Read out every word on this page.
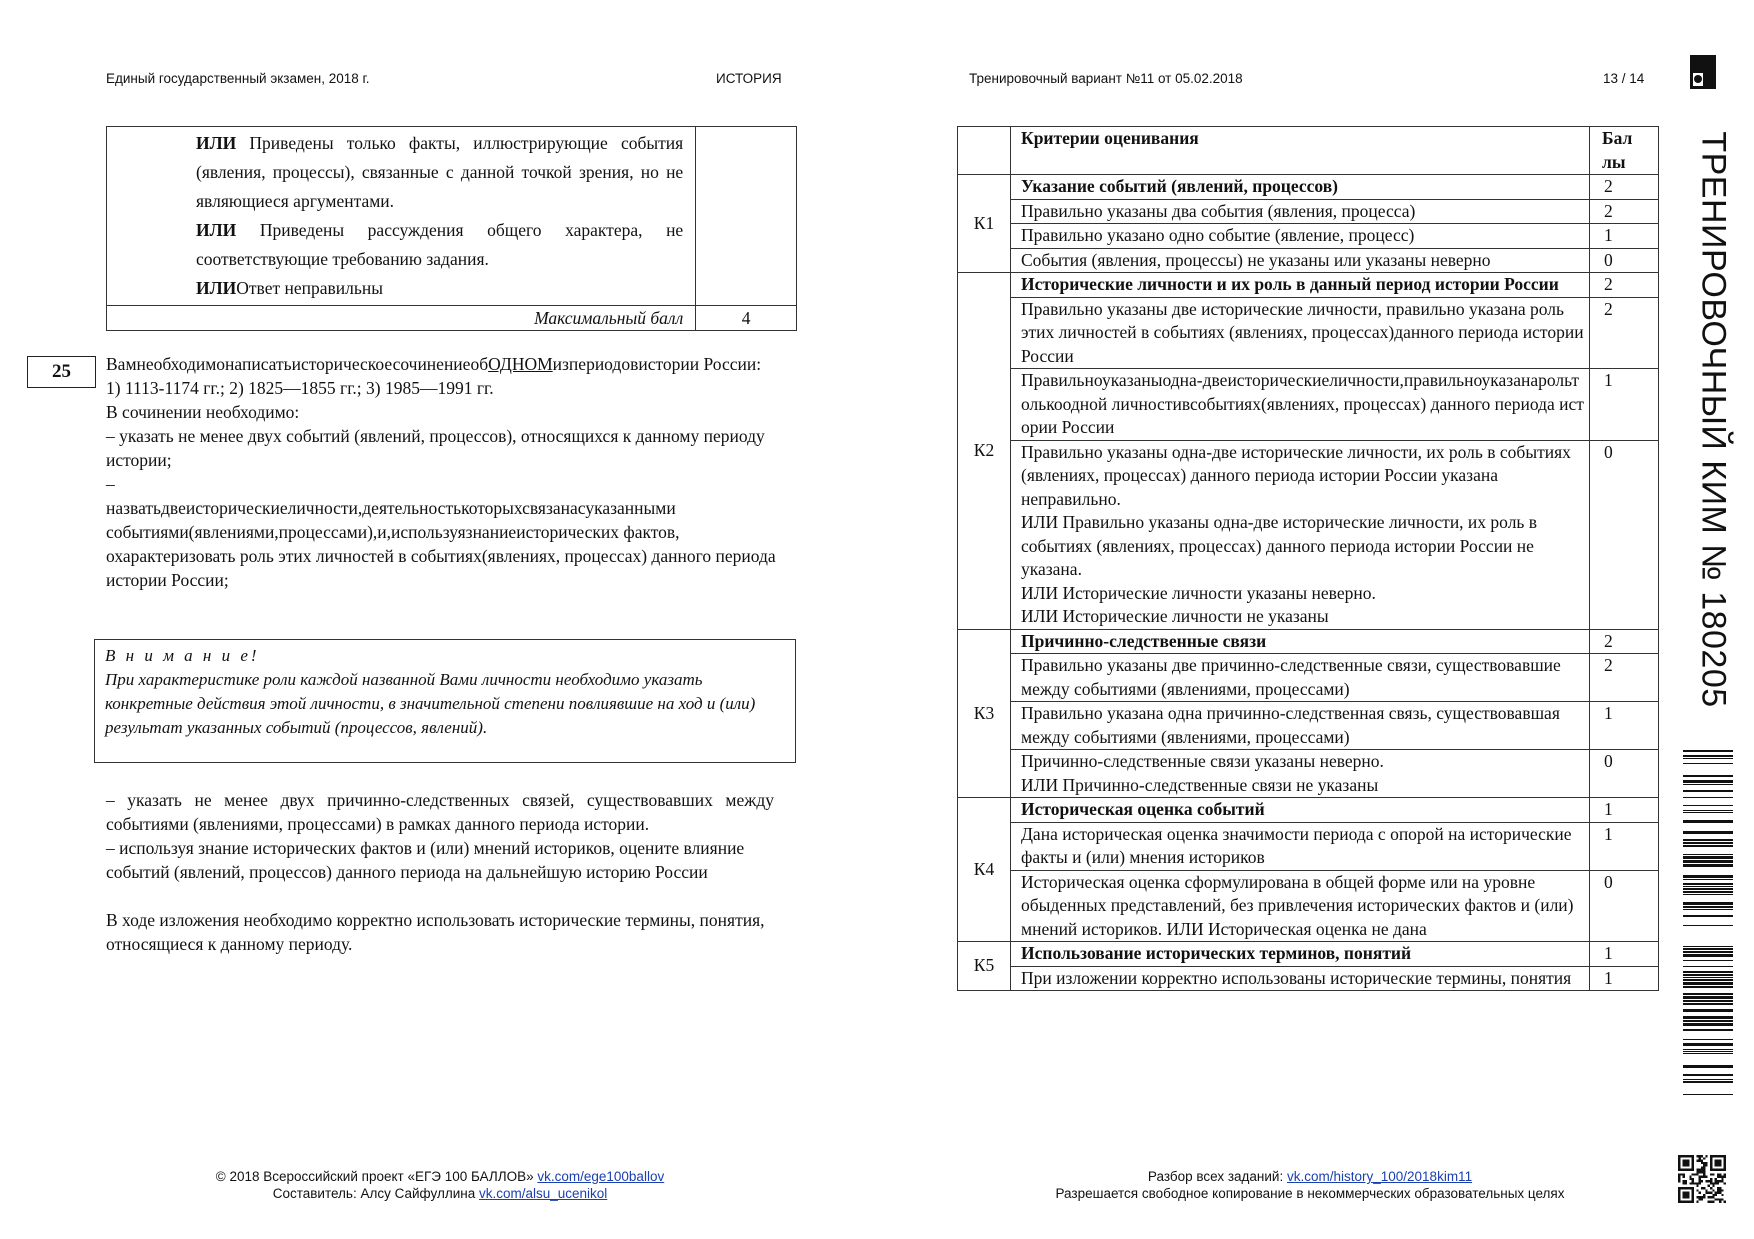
Единый государственный экзамен, 2018 г.	ИСТОРИЯ	Тренировочный вариант №11 от 05.02.2018	13 / 14
ИЛИ Приведены только факты, иллюстрирующие события (явления, процессы), связанные с данной точкой зрения, но не являющиеся аргументами.
ИЛИ Приведены рассуждения общего характера, не соответствующие требованию задания.
ИЛИОтвет неправильны	

Максимальный балл	4
25	ВамнеобходимонаписатьисторическоесочинениеобОДНОМизпериодовистории России:

1) 1113-1174 гг.; 2) 1825—1855 гг.; 3) 1985—1991 гг.

В сочинении необходимо:

– указать не менее двух событий (явлений, процессов), относящихся к данному периоду истории;

–

назватьдвеисторическиеличности,деятельностькоторыхсвязанасуказанными событиями(явлениями,процессами),и,используязнаниеисторических фактов, охарактеризовать роль этих личностей в событиях(явлениях, процессах) данного периода истории России;

В н и м а н и е!
При характеристике роли каждой названной Вами личности необходимо указать конкретные действия этой личности, в значительной степени повлиявшие на ход и (или) результат указанных событий (процессов, явлений).

– указать не менее двух причинно-следственных связей, существовавших между событиями (явлениями, процессами) в рамках данного периода истории.

– используя знание исторических фактов и (или) мнений историков, оцените влияние событий (явлений, процессов) данного периода на дальнейшую историю России

В ходе изложения необходимо корректно использовать исторические термины, понятия, относящиеся к данному периоду.

	Критерии оценивания	Бал лы
К1	Указание событий (явлений, процессов)	2
	Правильно указаны два события (явления, процесса)	2
	Правильно указано одно событие (явление, процесс)	1
	События (явления, процессы) не указаны или указаны неверно	0
К2	Исторические личности и их роль в данный период истории России	2
	Правильно указаны две исторические личности, правильно указана роль этих личностей в событиях (явлениях, процессах)данного периода истории России	2
	Правильноуказаныодна-двеисторическиеличности,правильноуказанарольтолькоодной личностивсобытиях(явлениях, процессах) данного периода истории России	1

	Правильно указаны одна-две исторические личности, их роль в событиях (явлениях, процессах) данного периода истории России указана неправильно.
ИЛИ Правильно указаны одна-две исторические личности, их роль в событиях (явлениях, процессах) данного периода истории России не указана.
ИЛИ Исторические личности указаны неверно.
ИЛИ Исторические личности не указаны	0
К3	Причинно-следственные связи	2
	Правильно указаны две причинно-следственные связи, существовавшие между событиями (явлениями, процессами)	2
	Правильно указана одна причинно-следственная связь, существовавшая между событиями (явлениями, процессами)	1

	Причинно-следственные связи указаны неверно.
ИЛИ Причинно-следственные связи не указаны	0
К4	Историческая оценка событий	1
	Дана историческая оценка значимости периода с опорой на исторические факты и (или) мнения историков	1
	Историческая оценка сформулирована в общей форме или на уровне обыденных представлений, без привлечения исторических фактов и (или) мнений историков. ИЛИ Историческая оценка не дана	0
К5	Использование исторических терминов, понятий	1
	При изложении корректно использованы исторические термины, понятия	1
ТРЕНИРОВОЧНЫЙ КИМ № 180205
© 2018 Всероссийский проект «ЕГЭ 100 БАЛЛОВ» vk.com/ege100ballov
Составитель: Алсу Сайфуллина vk.com/alsu_ucenikol
Разбор всех заданий: vk.com/history_100/2018kim11
Разрешается свободное копирование в некоммерческих образовательных целях
